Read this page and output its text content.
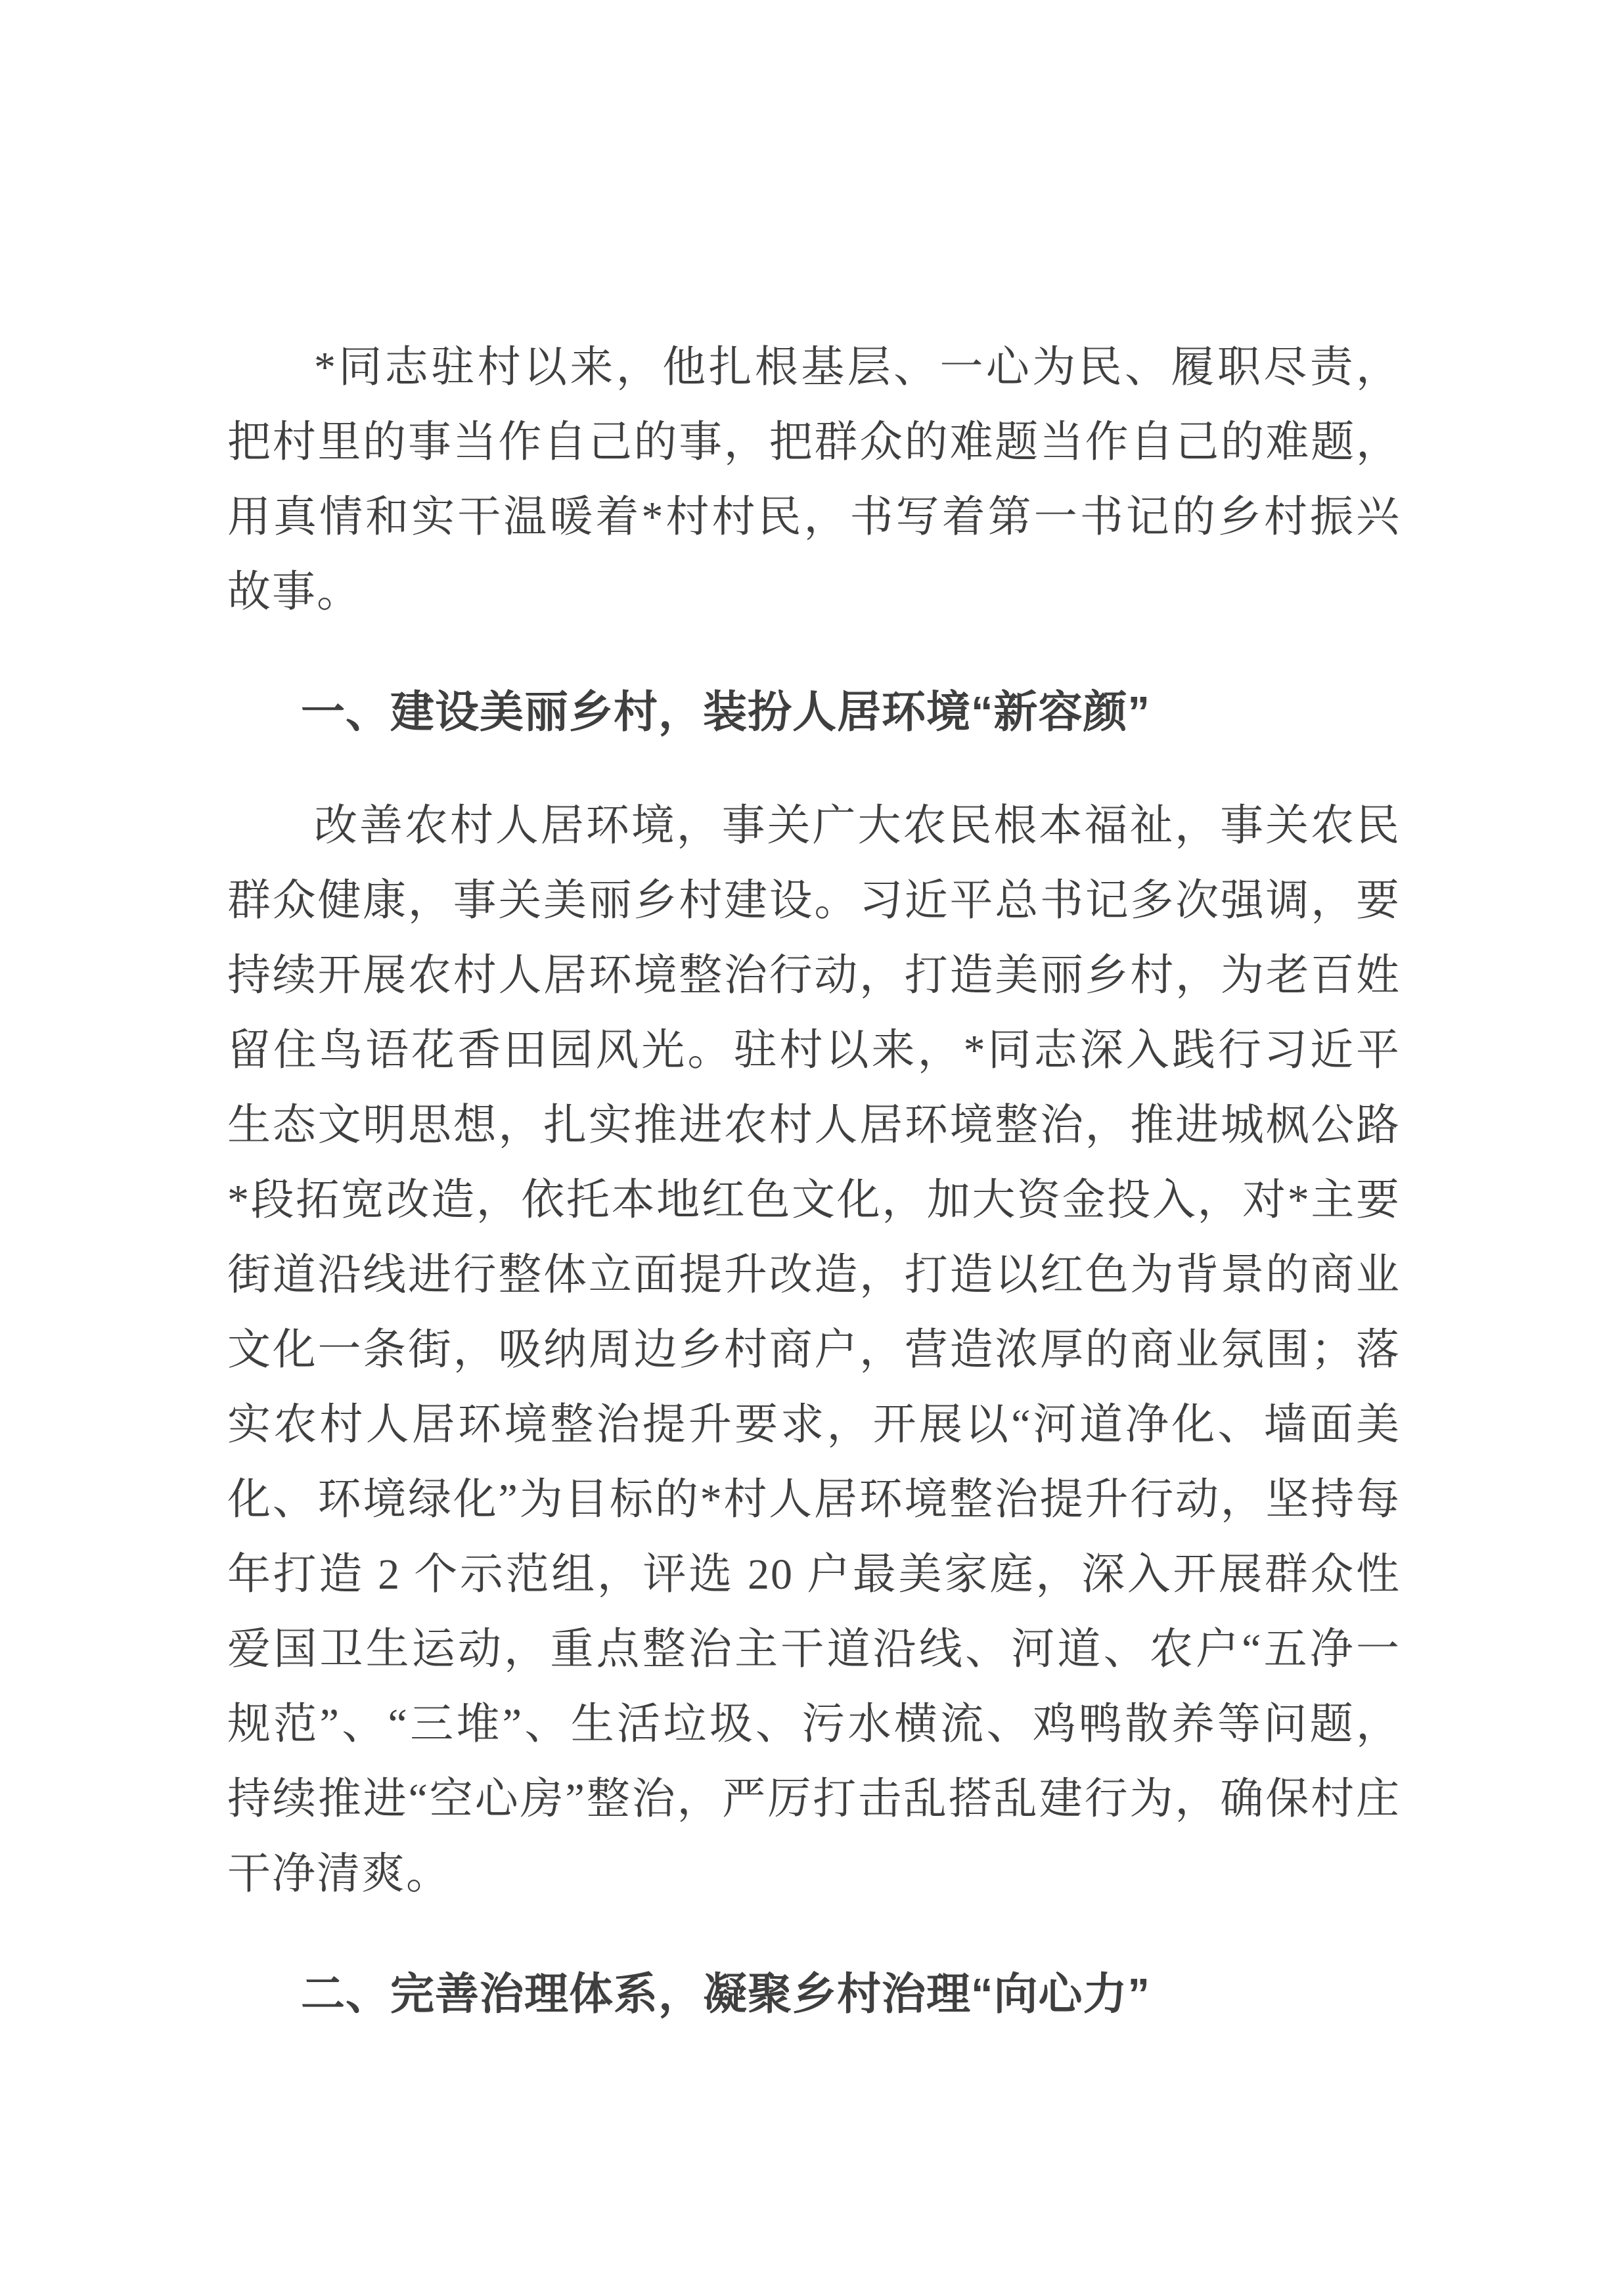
*同志驻村以来，他扎根基层、一心为民、履职尽责，把村里的事当作自己的事，把群众的难题当作自己的难题，用真情和实干温暖着*村村民，书写着第一书记的乡村振兴故事。

一、建设美丽乡村，装扮人居环境“新容颜”

改善农村人居环境，事关广大农民根本福祉，事关农民群众健康，事关美丽乡村建设。习近平总书记多次强调，要持续开展农村人居环境整治行动，打造美丽乡村，为老百姓留住鸟语花香田园风光。驻村以来，*同志深入践行习近平生态文明思想，扎实推进农村人居环境整治，推进城枫公路*段拓宽改造，依托本地红色文化，加大资金投入，对*主要街道沿线进行整体立面提升改造，打造以红色为背景的商业文化一条街，吸纳周边乡村商户，营造浓厚的商业氛围；落实农村人居环境整治提升要求，开展以“河道净化、墙面美化、环境绿化”为目标的*村人居环境整治提升行动，坚持每年打造 2 个示范组，评选 20 户最美家庭，深入开展群众性爱国卫生运动，重点整治主干道沿线、河道、农户“五净一规范”、“三堆”、生活垃圾、污水横流、鸡鸭散养等问题，持续推进“空心房”整治，严厉打击乱搭乱建行为，确保村庄干净清爽。

二、完善治理体系，凝聚乡村治理“向心力”
